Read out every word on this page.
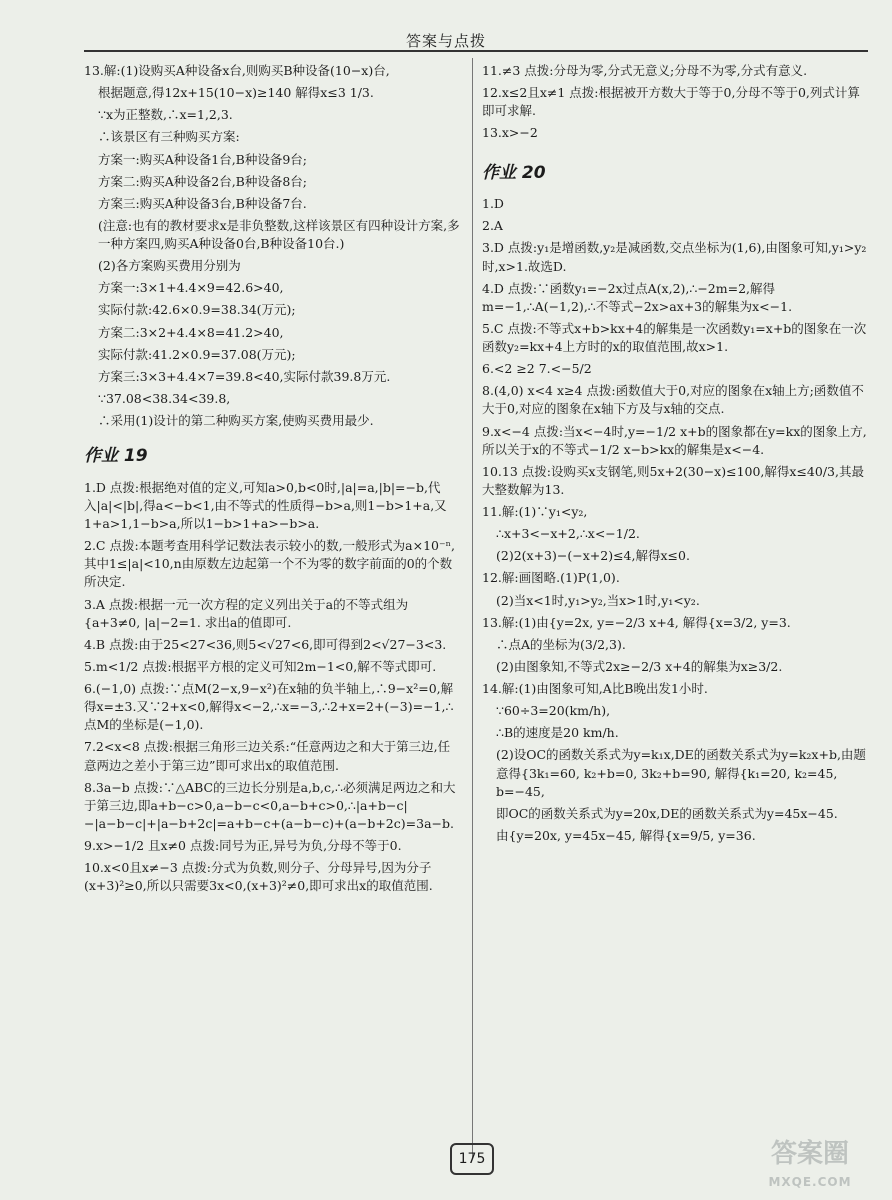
答案与点拨

13.解:(1)设购买A种设备x台,则购买B种设备(10−x)台,

根据题意,得12x+15(10−x)≥140 解得x≤3 1/3.

∵x为正整数,∴x=1,2,3.

∴该景区有三种购买方案:

方案一:购买A种设备1台,B种设备9台;

方案二:购买A种设备2台,B种设备8台;

方案三:购买A种设备3台,B种设备7台.

(注意:也有的教材要求x是非负整数,这样该景区有四种设计方案,多一种方案四,购买A种设备0台,B种设备10台.)

(2)各方案购买费用分别为

方案一:3×1+4.4×9=42.6>40,

实际付款:42.6×0.9=38.34(万元);

方案二:3×2+4.4×8=41.2>40,

实际付款:41.2×0.9=37.08(万元);

方案三:3×3+4.4×7=39.8<40,实际付款39.8万元.

∵37.08<38.34<39.8,

∴采用(1)设计的第二种购买方案,使购买费用最少.

作业 19

1.D 点拨:根据绝对值的定义,可知a>0,b<0时,|a|=a,|b|=−b,代入|a|<|b|,得a<−b<1,由不等式的性质得−b>a,则1−b>1+a,又1+a>1,1−b>a,所以1−b>1+a>−b>a.

2.C 点拨:本题考查用科学记数法表示较小的数,一般形式为a×10⁻ⁿ,其中1≤|a|<10,n由原数左边起第一个不为零的数字前面的0的个数所决定.

3.A 点拨:根据一元一次方程的定义列出关于a的不等式组为 {a+3≠0, |a|−2=1. 求出a的值即可.

4.B 点拨:由于25<27<36,则5<√27<6,即可得到2<√27−3<3.

5.m<1/2 点拨:根据平方根的定义可知2m−1<0,解不等式即可.

6.(−1,0) 点拨:∵点M(2−x,9−x²)在x轴的负半轴上,∴9−x²=0,解得x=±3.又∵2+x<0,解得x<−2,∴x=−3,∴2+x=2+(−3)=−1,∴点M的坐标是(−1,0).

7.2<x<8 点拨:根据三角形三边关系:“任意两边之和大于第三边,任意两边之差小于第三边”即可求出x的取值范围.

8.3a−b 点拨:∵△ABC的三边长分别是a,b,c,∴必须满足两边之和大于第三边,即a+b−c>0,a−b−c<0,a−b+c>0,∴|a+b−c|−|a−b−c|+|a−b+2c|=a+b−c+(a−b−c)+(a−b+2c)=3a−b.

9.x>−1/2 且x≠0 点拨:同号为正,异号为负,分母不等于0.

10.x<0且x≠−3 点拨:分式为负数,则分子、分母异号,因为分子(x+3)²≥0,所以只需要3x<0,(x+3)²≠0,即可求出x的取值范围.

11.≠3 点拨:分母为零,分式无意义;分母不为零,分式有意义.

12.x≤2且x≠1 点拨:根据被开方数大于等于0,分母不等于0,列式计算即可求解.

13.x>−2

作业 20

1.D

2.A

3.D 点拨:y₁是增函数,y₂是减函数,交点坐标为(1,6),由图象可知,y₁>y₂时,x>1.故选D.

4.D 点拨:∵函数y₁=−2x过点A(x,2),∴−2m=2,解得m=−1,∴A(−1,2),∴不等式−2x>ax+3的解集为x<−1.

5.C 点拨:不等式x+b>kx+4的解集是一次函数y₁=x+b的图象在一次函数y₂=kx+4上方时的x的取值范围,故x>1.

6.<2 ≥2 7.<−5/2

8.(4,0) x<4 x≥4 点拨:函数值大于0,对应的图象在x轴上方;函数值不大于0,对应的图象在x轴下方及与x轴的交点.

9.x<−4 点拨:当x<−4时,y=−1/2 x+b的图象都在y=kx的图象上方,所以关于x的不等式−1/2 x−b>kx的解集是x<−4.

10.13 点拨:设购买x支钢笔,则5x+2(30−x)≤100,解得x≤40/3,其最大整数解为13.

11.解:(1)∵y₁<y₂,

∴x+3<−x+2,∴x<−1/2.

(2)2(x+3)−(−x+2)≤4,解得x≤0.

12.解:画图略.(1)P(1,0).

(2)当x<1时,y₁>y₂,当x>1时,y₁<y₂.

13.解:(1)由{y=2x, y=−2/3 x+4, 解得{x=3/2, y=3.

∴点A的坐标为(3/2,3).

(2)由图象知,不等式2x≥−2/3 x+4的解集为x≥3/2.

14.解:(1)由图象可知,A比B晚出发1小时.

∵60÷3=20(km/h),

∴B的速度是20 km/h.

(2)设OC的函数关系式为y=k₁x,DE的函数关系式为y=k₂x+b,由题意得{3k₁=60, k₂+b=0, 3k₂+b=90, 解得{k₁=20, k₂=45, b=−45,

即OC的函数关系式为y=20x,DE的函数关系式为y=45x−45.

由{y=20x, y=45x−45, 解得{x=9/5, y=36.

175	答案圈
MXQE.COM
